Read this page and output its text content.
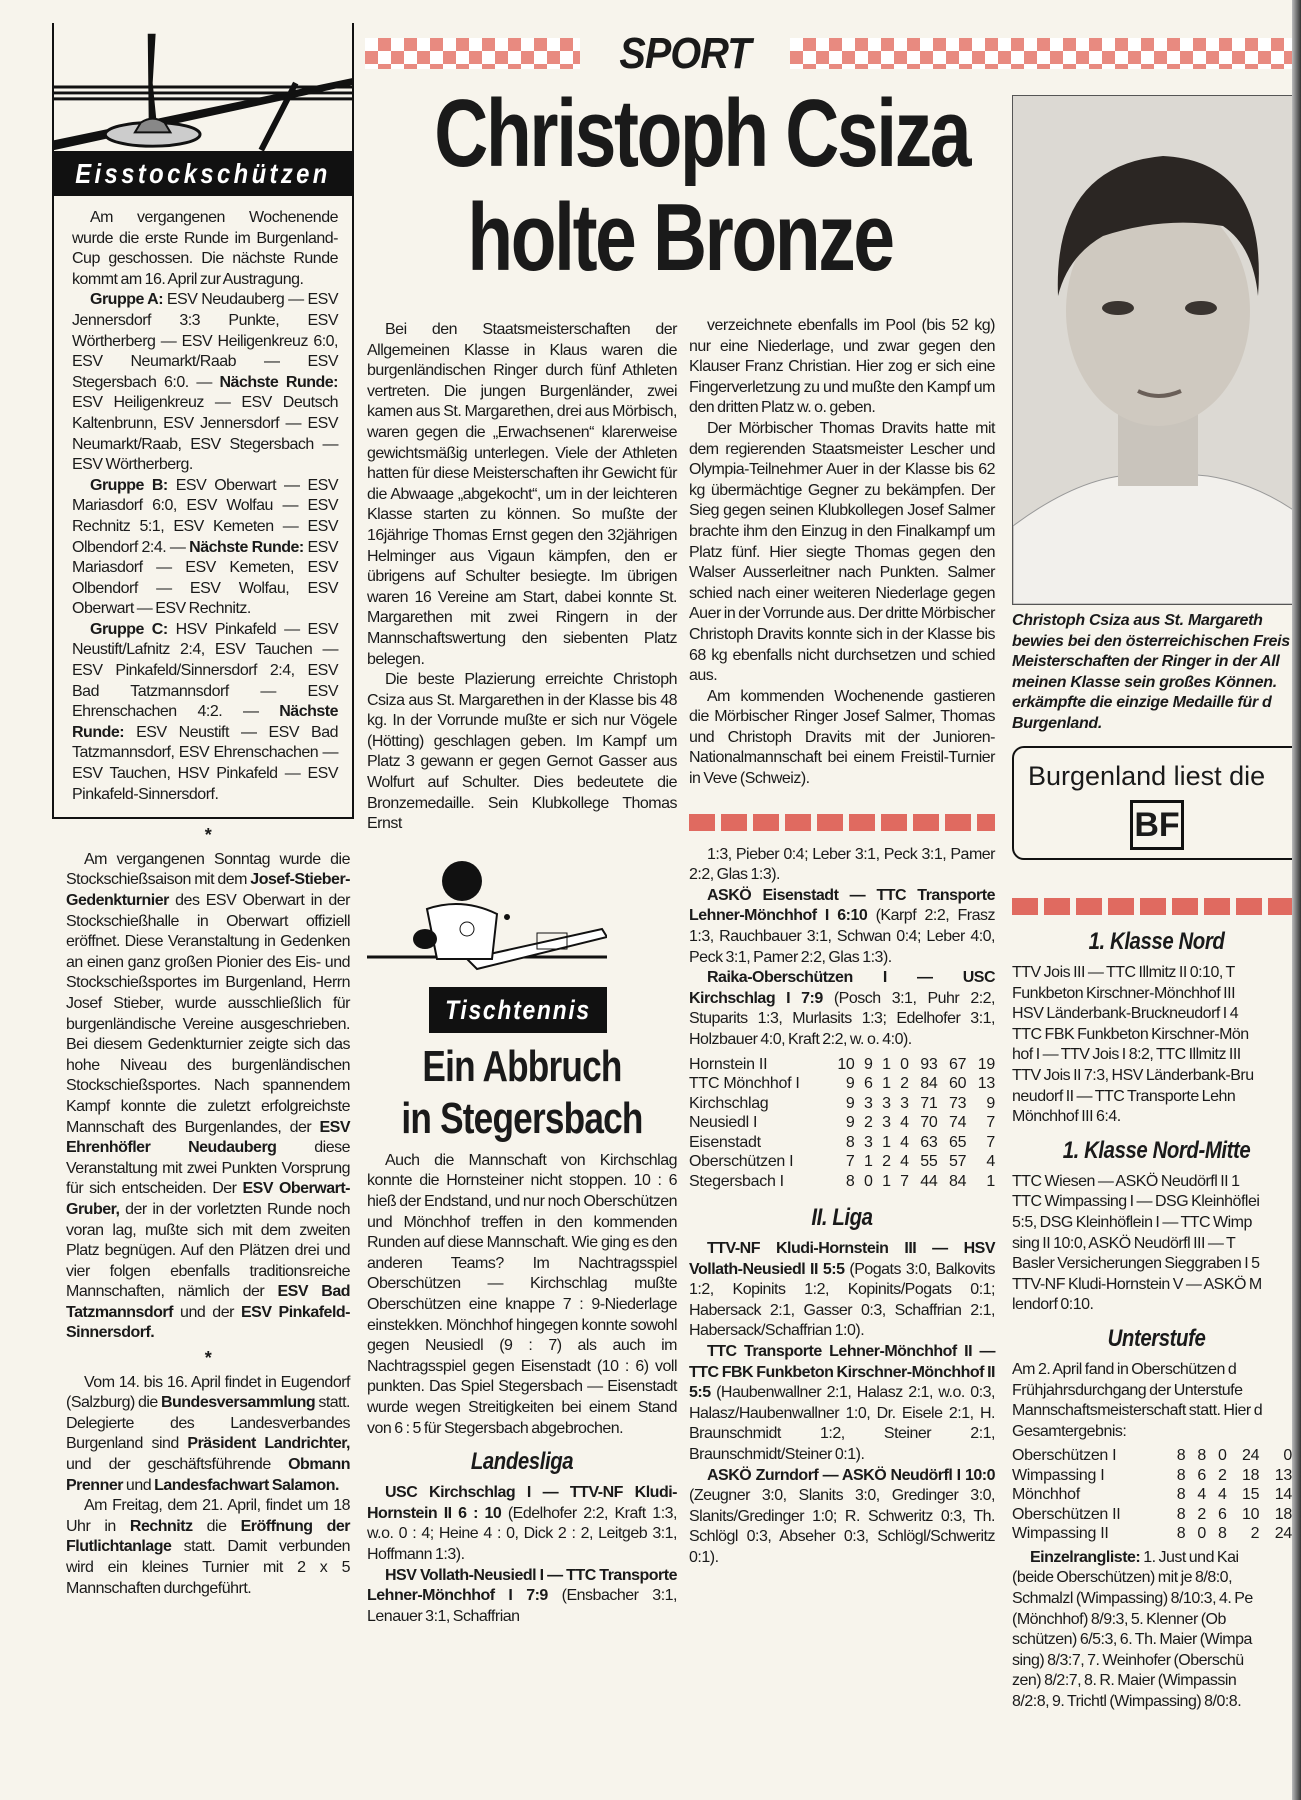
SPORT
Christoph Csiza
holte Bronze
Eisstockschützen

Am vergangenen Wochenende wurde die erste Runde im Burgenland-Cup geschossen. Die nächste Runde kommt am 16. April zur Austragung.

Gruppe A: ESV Neudauberg — ESV Jennersdorf 3:3 Punkte, ESV Wörtherberg — ESV Heiligenkreuz 6:0, ESV Neumarkt/Raab — ESV Stegersbach 6:0. — Nächste Runde: ESV Heiligenkreuz — ESV Deutsch Kaltenbrunn, ESV Jennersdorf — ESV Neumarkt/Raab, ESV Stegersbach — ESV Wörtherberg.

Gruppe B: ESV Oberwart — ESV Mariasdorf 6:0, ESV Wolfau — ESV Rechnitz 5:1, ESV Kemeten — ESV Olbendorf 2:4. — Nächste Runde: ESV Mariasdorf — ESV Kemeten, ESV Olbendorf — ESV Wolfau, ESV Oberwart — ESV Rechnitz.

Gruppe C: HSV Pinkafeld — ESV Neustift/Lafnitz 2:4, ESV Tauchen — ESV Pinkafeld/Sinnersdorf 2:4, ESV Bad Tatzmannsdorf — ESV Ehrenschachen 4:2. — Nächste Runde: ESV Neustift — ESV Bad Tatzmannsdorf, ESV Ehrenschachen — ESV Tauchen, HSV Pinkafeld — ESV Pinkafeld-Sinnersdorf.

*

Am vergangenen Sonntag wurde die Stockschießsaison mit dem Josef-Stieber-Gedenkturnier des ESV Oberwart in der Stockschießhalle in Oberwart offiziell eröffnet. Diese Veranstaltung in Gedenken an einen ganz großen Pionier des Eis- und Stockschießsportes im Burgenland, Herrn Josef Stieber, wurde ausschließlich für burgenländische Vereine ausgeschrieben. Bei diesem Gedenkturnier zeigte sich das hohe Niveau des burgenländischen Stockschießsportes. Nach spannendem Kampf konnte die zuletzt erfolgreichste Mannschaft des Burgenlandes, der ESV Ehrenhöfler Neudauberg diese Veranstaltung mit zwei Punkten Vorsprung für sich entscheiden. Der ESV Oberwart-Gruber, der in der vorletzten Runde noch voran lag, mußte sich mit dem zweiten Platz begnügen. Auf den Plätzen drei und vier folgen ebenfalls traditionsreiche Mannschaften, nämlich der ESV Bad Tatzmannsdorf und der ESV Pinkafeld-Sinnersdorf.

*

Vom 14. bis 16. April findet in Eugendorf (Salzburg) die Bundesversammlung statt. Delegierte des Landesverbandes Burgenland sind Präsident Landrichter, und der geschäftsführende Obmann Prenner und Landesfachwart Salamon.

Am Freitag, dem 21. April, findet um 18 Uhr in Rechnitz die Eröffnung der Flutlichtanlage statt. Damit verbunden wird ein kleines Turnier mit 2 x 5 Mannschaften durchgeführt.

Bei den Staatsmeisterschaften der Allgemeinen Klasse in Klaus waren die burgenländischen Ringer durch fünf Athleten vertreten. Die jungen Burgenländer, zwei kamen aus St. Margarethen, drei aus Mörbisch, waren gegen die „Erwachsenen“ klarerweise gewichtsmäßig unterlegen. Viele der Athleten hatten für diese Meisterschaften ihr Gewicht für die Abwaage „abgekocht“, um in der leichteren Klasse starten zu können. So mußte der 16jährige Thomas Ernst gegen den 32jährigen Helminger aus Vigaun kämpfen, den er übrigens auf Schulter besiegte. Im übrigen waren 16 Vereine am Start, dabei konnte St. Margarethen mit zwei Ringern in der Mannschaftswertung den siebenten Platz belegen.

Die beste Plazierung erreichte Christoph Csiza aus St. Margarethen in der Klasse bis 48 kg. In der Vorrunde mußte er sich nur Vögele (Hötting) geschlagen geben. Im Kampf um Platz 3 gewann er gegen Gernot Gasser aus Wolfurt auf Schulter. Dies bedeutete die Bronzemedaille. Sein Klubkollege Thomas Ernst

Tischtennis
Ein Abbruch
in Stegersbach

Auch die Mannschaft von Kirchschlag konnte die Hornsteiner nicht stoppen. 10 : 6 hieß der Endstand, und nur noch Oberschützen und Mönchhof treffen in den kommenden Runden auf diese Mannschaft. Wie ging es den anderen Teams? Im Nachtragsspiel Oberschützen — Kirchschlag mußte Oberschützen eine knappe 7 : 9-Niederlage einstekken. Mönchhof hingegen konnte sowohl gegen Neusiedl (9 : 7) als auch im Nachtragsspiel gegen Eisenstadt (10 : 6) voll punkten. Das Spiel Stegersbach — Eisenstadt wurde wegen Streitigkeiten bei einem Stand von 6 : 5 für Stegersbach abgebrochen.

Landesliga

USC Kirchschlag I — TTV-NF Kludi-Hornstein II 6 : 10 (Edelhofer 2:2, Kraft 1:3, w.o. 0 : 4; Heine 4 : 0, Dick 2 : 2, Leitgeb 3:1, Hoffmann 1:3).

HSV Vollath-Neusiedl I — TTC Transporte Lehner-Mönchhof I 7:9 (Ensbacher 3:1, Lenauer 3:1, Schaffrian

verzeichnete ebenfalls im Pool (bis 52 kg) nur eine Niederlage, und zwar gegen den Klauser Franz Christian. Hier zog er sich eine Fingerverletzung zu und mußte den Kampf um den dritten Platz w. o. geben.

Der Mörbischer Thomas Dravits hatte mit dem regierenden Staatsmeister Lescher und Olympia-Teilnehmer Auer in der Klasse bis 62 kg übermächtige Gegner zu bekämpfen. Der Sieg gegen seinen Klubkollegen Josef Salmer brachte ihm den Einzug in den Finalkampf um Platz fünf. Hier siegte Thomas gegen den Walser Ausserleitner nach Punkten. Salmer schied nach einer weiteren Niederlage gegen Auer in der Vorrunde aus. Der dritte Mörbischer Christoph Dravits konnte sich in der Klasse bis 68 kg ebenfalls nicht durchsetzen und schied aus.

Am kommenden Wochenende gastieren die Mörbischer Ringer Josef Salmer, Thomas und Christoph Dravits mit der Junioren-Nationalmannschaft bei einem Freistil-Turnier in Veve (Schweiz).

1:3, Pieber 0:4; Leber 3:1, Peck 3:1, Pamer 2:2, Glas 1:3).

ASKÖ Eisenstadt — TTC Transporte Lehner-Mönchhof I 6:10 (Karpf 2:2, Frasz 1:3, Rauchbauer 3:1, Schwan 0:4; Leber 4:0, Peck 3:1, Pamer 2:2, Glas 1:3).

Raika-Oberschützen I — USC Kirchschlag I 7:9 (Posch 3:1, Puhr 2:2, Stuparits 1:3, Murlasits 1:3; Edelhofer 3:1, Holzbauer 4:0, Kraft 2:2, w. o. 4:0).

Hornstein II	10	9	1	0	93	67	19
TTC Mönchhof I	9	6	1	2	84	60	13
Kirchschlag	9	3	3	3	71	73	9
Neusiedl I	9	2	3	4	70	74	7
Eisenstadt	8	3	1	4	63	65	7
Oberschützen I	7	1	2	4	55	57	4
Stegersbach I	8	0	1	7	44	84	1
II. Liga

TTV-NF Kludi-Hornstein III — HSV Vollath-Neusiedl II 5:5 (Pogats 3:0, Balkovits 1:2, Kopinits 1:2, Kopinits/Pogats 0:1; Habersack 2:1, Gasser 0:3, Schaffrian 2:1, Habersack/Schaffrian 1:0).

TTC Transporte Lehner-Mönchhof II — TTC FBK Funkbeton Kirschner-Mönchhof II 5:5 (Haubenwallner 2:1, Halasz 2:1, w.o. 0:3, Halasz/Haubenwallner 1:0, Dr. Eisele 2:1, H. Braunschmidt 1:2, Steiner 2:1, Braunschmidt/Steiner 0:1).

ASKÖ Zurndorf — ASKÖ Neudörfl I 10:0 (Zeugner 3:0, Slanits 3:0, Gredinger 3:0, Slanits/Gredinger 1:0; R. Schweritz 0:3, Th. Schlögl 0:3, Abseher 0:3, Schlögl/Schweritz 0:1).

Christoph Csiza aus St. Margareth
bewies bei den österreichischen Freis
Meisterschaften der Ringer in der All
meinen Klasse sein großes Können.
erkämpfte die einzige Medaille für d
Burgenland.
Burgenland liest die
BF
1. Klasse Nord
TTV Jois III — TTC Illmitz II 0:10, T
Funkbeton Kirschner-Mönchhof III
HSV Länderbank-Bruckneudorf I 4
TTC FBK Funkbeton Kirschner-Mön
hof I — TTV Jois I 8:2, TTC Illmitz III
TTV Jois II 7:3, HSV Länderbank-Bru
neudorf II — TTC Transporte Lehn
Mönchhof III 6:4.
1. Klasse Nord-Mitte
TTC Wiesen — ASKÖ Neudörfl II 1
TTC Wimpassing I — DSG Kleinhöflei
5:5, DSG Kleinhöflein I — TTC Wimp
sing II 10:0, ASKÖ Neudörfl III — T
Basler Versicherungen Sieggraben I 5
TTV-NF Kludi-Hornstein V — ASKÖ M
lendorf 0:10.
Unterstufe
Am 2. April fand in Oberschützen d
Frühjahrsdurchgang der Unterstufe
Mannschaftsmeisterschaft statt. Hier d
Gesamtergebnis:
Oberschützen I	8	8	0	24	0
Wimpassing I	8	6	2	18	13
Mönchhof	8	4	4	15	14
Oberschützen II	8	2	6	10	18
Wimpassing II	8	0	8	2	24
Einzelrangliste: 1. Just und Kai
(beide Oberschützen) mit je 8/8:0,
Schmalzl (Wimpassing) 8/10:3, 4. Pe
(Mönchhof) 8/9:3, 5. Klenner (Ob
schützen) 6/5:3, 6. Th. Maier (Wimpa
sing) 8/3:7, 7. Weinhofer (Oberschü
zen) 8/2:7, 8. R. Maier (Wimpassin
8/2:8, 9. Trichtl (Wimpassing) 8/0:8.
